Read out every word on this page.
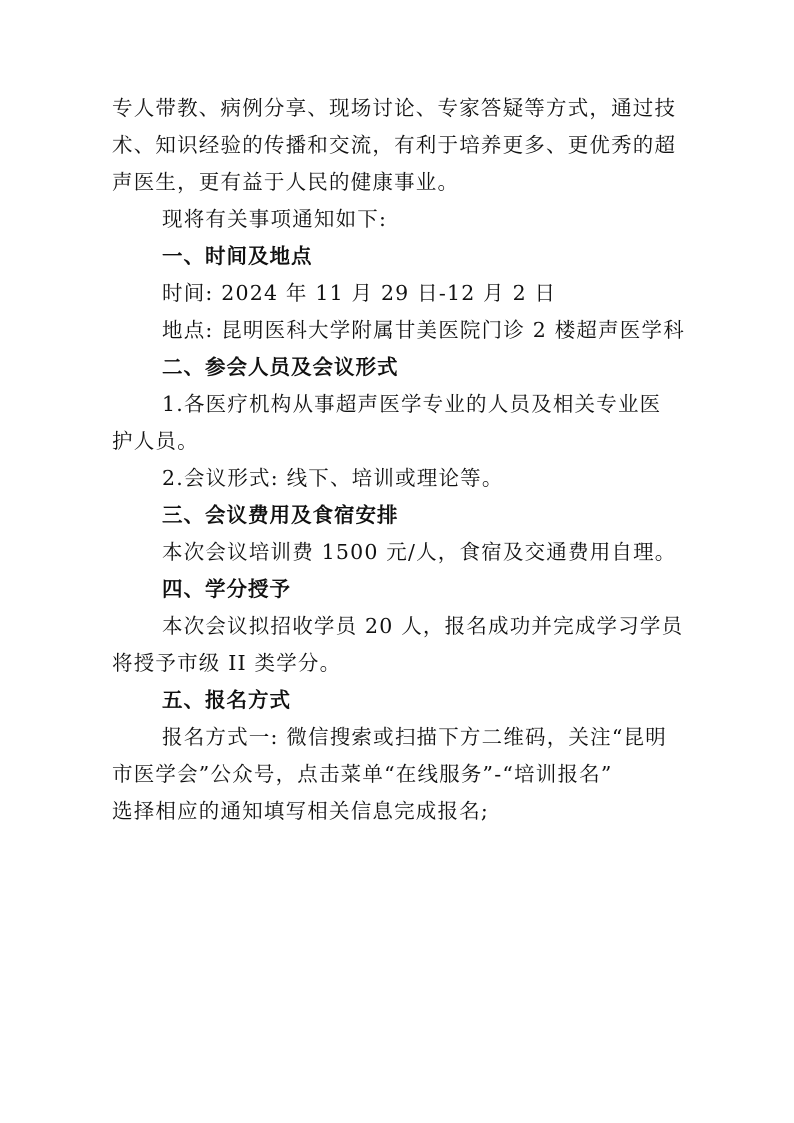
专人带教、病例分享、现场讨论、专家答疑等方式，通过技
术、知识经验的传播和交流，有利于培养更多、更优秀的超
声医生，更有益于人民的健康事业。
现将有关事项通知如下:
一、时间及地点
时间: 2024 年 11 月 29 日-12 月 2 日
地点: 昆明医科大学附属甘美医院门诊 2 楼超声医学科
二、参会人员及会议形式
1.各医疗机构从事超声医学专业的人员及相关专业医
护人员。
2.会议形式: 线下、培训或理论等。
三、会议费用及食宿安排
本次会议培训费 1500 元/人，食宿及交通费用自理。
四、学分授予
本次会议拟招收学员 20 人，报名成功并完成学习学员
将授予市级 II 类学分。
五、报名方式
报名方式一: 微信搜索或扫描下方二维码，关注“昆明
市医学会”公众号，点击菜单“在线服务”-“培训报名”
选择相应的通知填写相关信息完成报名;
